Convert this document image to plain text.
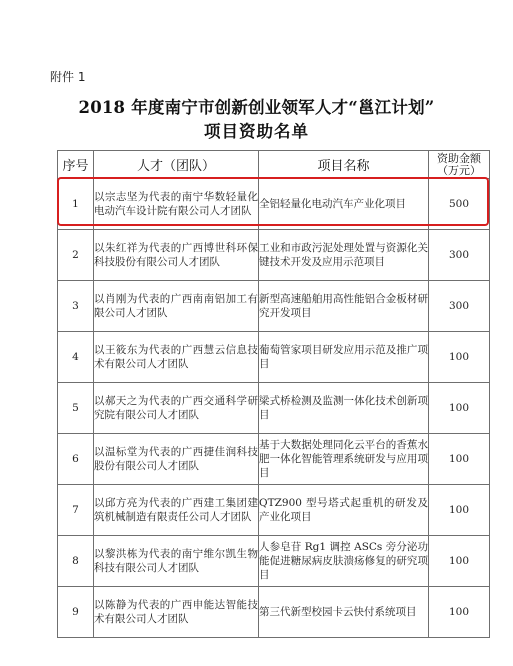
附件 1
2018 年度南宁市创新创业领军人才“邕江计划”
项目资助名单
序号	人才（团队）	项目名称	资助金额
（万元）
1	以宗志坚为代表的南宁华数轻量化电动汽车设计院有限公司人才团队	全铝轻量化电动汽车产业化项目	500
2	以朱红祥为代表的广西博世科环保科技股份有限公司人才团队	工业和市政污泥处理处置与资源化关键技术开发及应用示范项目	300
3	以肖刚为代表的广西南南铝加工有限公司人才团队	新型高速船舶用高性能铝合金板材研究开发项目	300
4	以王筱东为代表的广西慧云信息技术有限公司人才团队	葡萄管家项目研发应用示范及推广项目	100
5	以郝天之为代表的广西交通科学研究院有限公司人才团队	梁式桥检测及监测一体化技术创新项目	100
6	以温标堂为代表的广西捷佳润科技股份有限公司人才团队	基于大数据处理同化云平台的香蕉水肥一体化智能管理系统研发与应用项目	100
7	以邱方亮为代表的广西建工集团建筑机械制造有限责任公司人才团队	QTZ900 型号塔式起重机的研发及产业化项目	100
8	以黎洪栋为代表的南宁维尔凯生物科技有限公司人才团队	人参皂苷 Rg1 调控 ASCs 旁分泌功能促进糖尿病皮肤溃疡修复的研究项目	100
9	以陈静为代表的广西申能达智能技术有限公司人才团队	第三代新型校园卡云快付系统项目	100
